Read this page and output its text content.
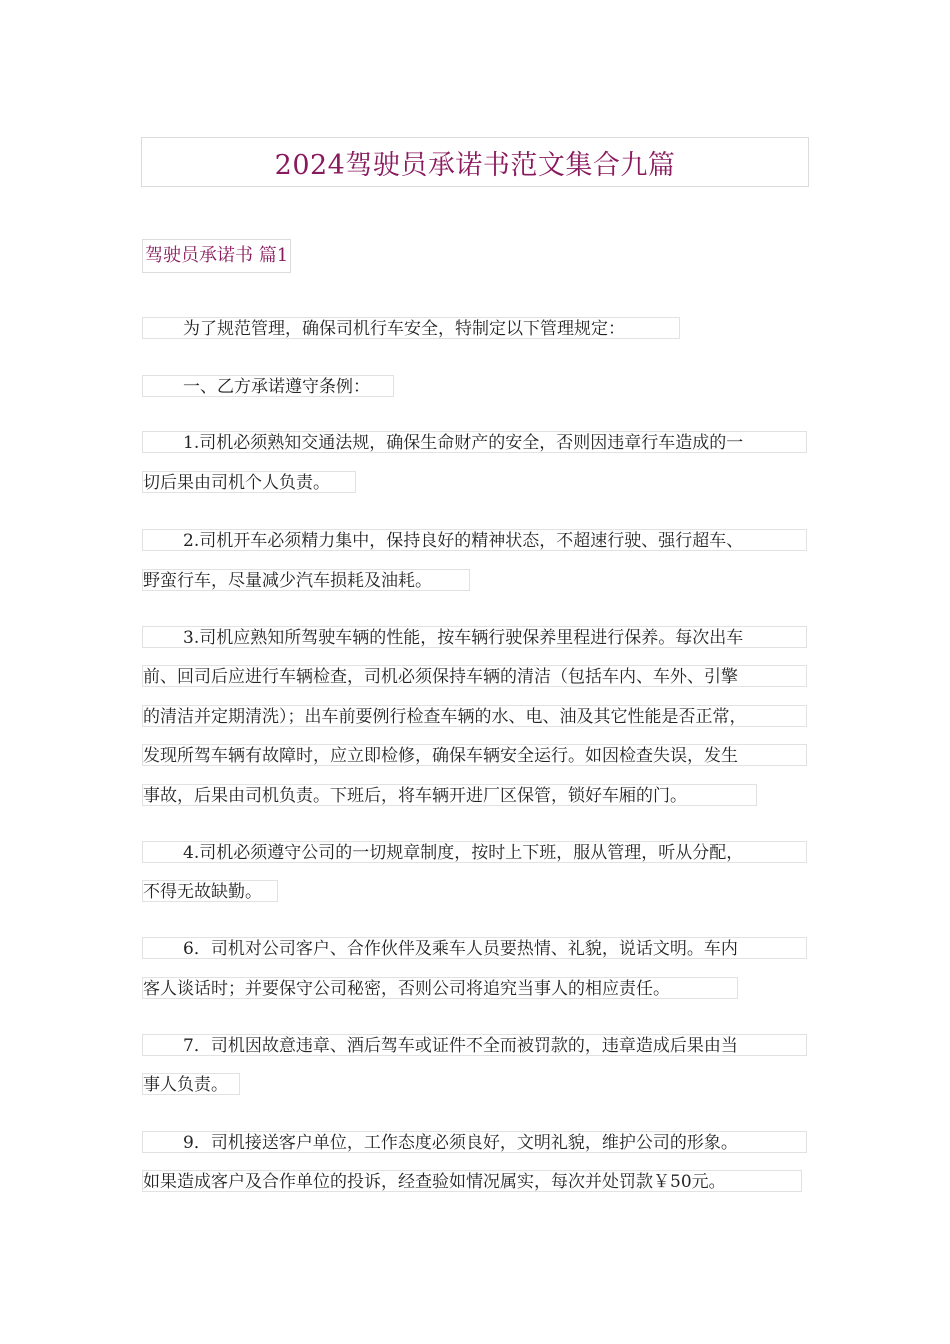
2024驾驶员承诺书范文集合九篇
驾驶员承诺书 篇1
为了规范管理，确保司机行车安全，特制定以下管理规定：
一、乙方承诺遵守条例：
1.司机必须熟知交通法规，确保生命财产的安全，否则因违章行车造成的一
切后果由司机个人负责。
2.司机开车必须精力集中，保持良好的精神状态，不超速行驶、强行超车、
野蛮行车，尽量减少汽车损耗及油耗。
3.司机应熟知所驾驶车辆的性能，按车辆行驶保养里程进行保养。每次出车
前、回司后应进行车辆检查，司机必须保持车辆的清洁（包括车内、车外、引擎
的清洁并定期清洗）；出车前要例行检查车辆的水、电、油及其它性能是否正常，
发现所驾车辆有故障时，应立即检修，确保车辆安全运行。如因检查失误，发生
事故，后果由司机负责。下班后，将车辆开进厂区保管，锁好车厢的门。
4.司机必须遵守公司的一切规章制度，按时上下班，服从管理，听从分配，
不得无故缺勤。
6．司机对公司客户、合作伙伴及乘车人员要热情、礼貌，说话文明。车内
客人谈话时；并要保守公司秘密，否则公司将追究当事人的相应责任。
7．司机因故意违章、酒后驾车或证件不全而被罚款的，违章造成后果由当
事人负责。
9．司机接送客户单位，工作态度必须良好，文明礼貌，维护公司的形象。
如果造成客户及合作单位的投诉，经查验如情况属实，每次并处罚款￥50元。
